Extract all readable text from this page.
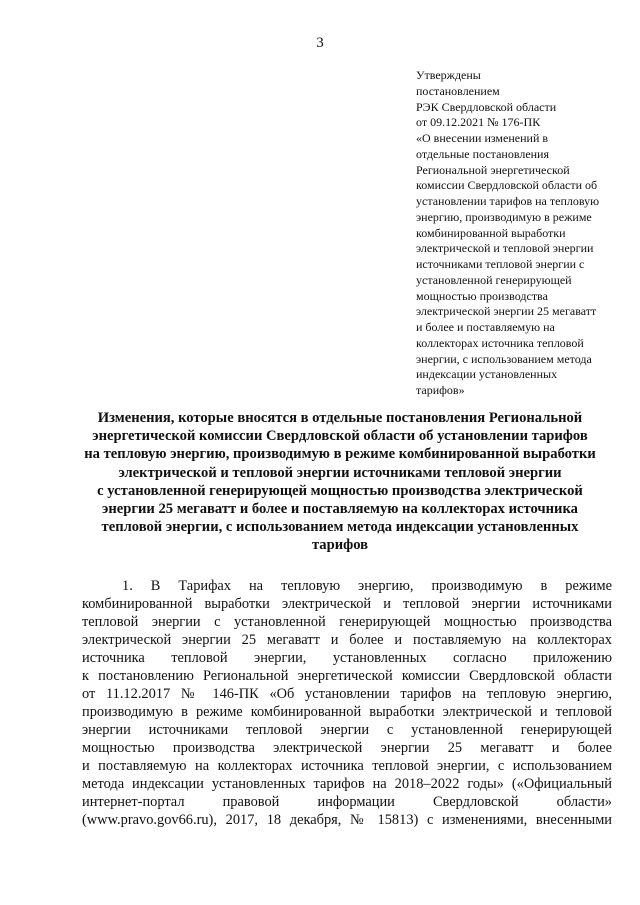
3
Утверждены
постановлением
РЭК Свердловской области
от 09.12.2021 № 176-ПК
«О внесении изменений в
отдельные постановления
Региональной энергетической
комиссии Свердловской области об
установлении тарифов на тепловую
энергию, производимую в режиме
комбинированной выработки
электрической и тепловой энергии
источниками тепловой энергии с
установленной генерирующей
мощностью производства
электрической энергии 25 мегаватт
и более и поставляемую на
коллекторах источника тепловой
энергии, с использованием метода
индексации установленных
тарифов»
Изменения, которые вносятся в отдельные постановления Региональной
энергетической комиссии Свердловской области об установлении тарифов
на тепловую энергию, производимую в режиме комбинированной выработки
электрической и тепловой энергии источниками тепловой энергии
с установленной генерирующей мощностью производства электрической
энергии 25 мегаватт и более и поставляемую на коллекторах источника
тепловой энергии, с использованием метода индексации установленных
тарифов
1. В Тарифах на тепловую энергию, производимую в режиме
комбинированной выработки электрической и тепловой энергии источниками
тепловой энергии с установленной генерирующей мощностью производства
электрической энергии 25 мегаватт и более и поставляемую на коллекторах
источника тепловой энергии, установленных согласно приложению
к постановлению Региональной энергетической комиссии Свердловской области
от 11.12.2017 № 146-ПК «Об установлении тарифов на тепловую энергию,
производимую в режиме комбинированной выработки электрической и тепловой
энергии источниками тепловой энергии с установленной генерирующей
мощностью производства электрической энергии 25 мегаватт и более
и поставляемую на коллекторах источника тепловой энергии, с использованием
метода индексации установленных тарифов на 2018–2022 годы» («Официальный
интернет-портал правовой информации Свердловской области»
(www.pravo.gov66.ru), 2017, 18 декабря, № 15813) с изменениями, внесенными
